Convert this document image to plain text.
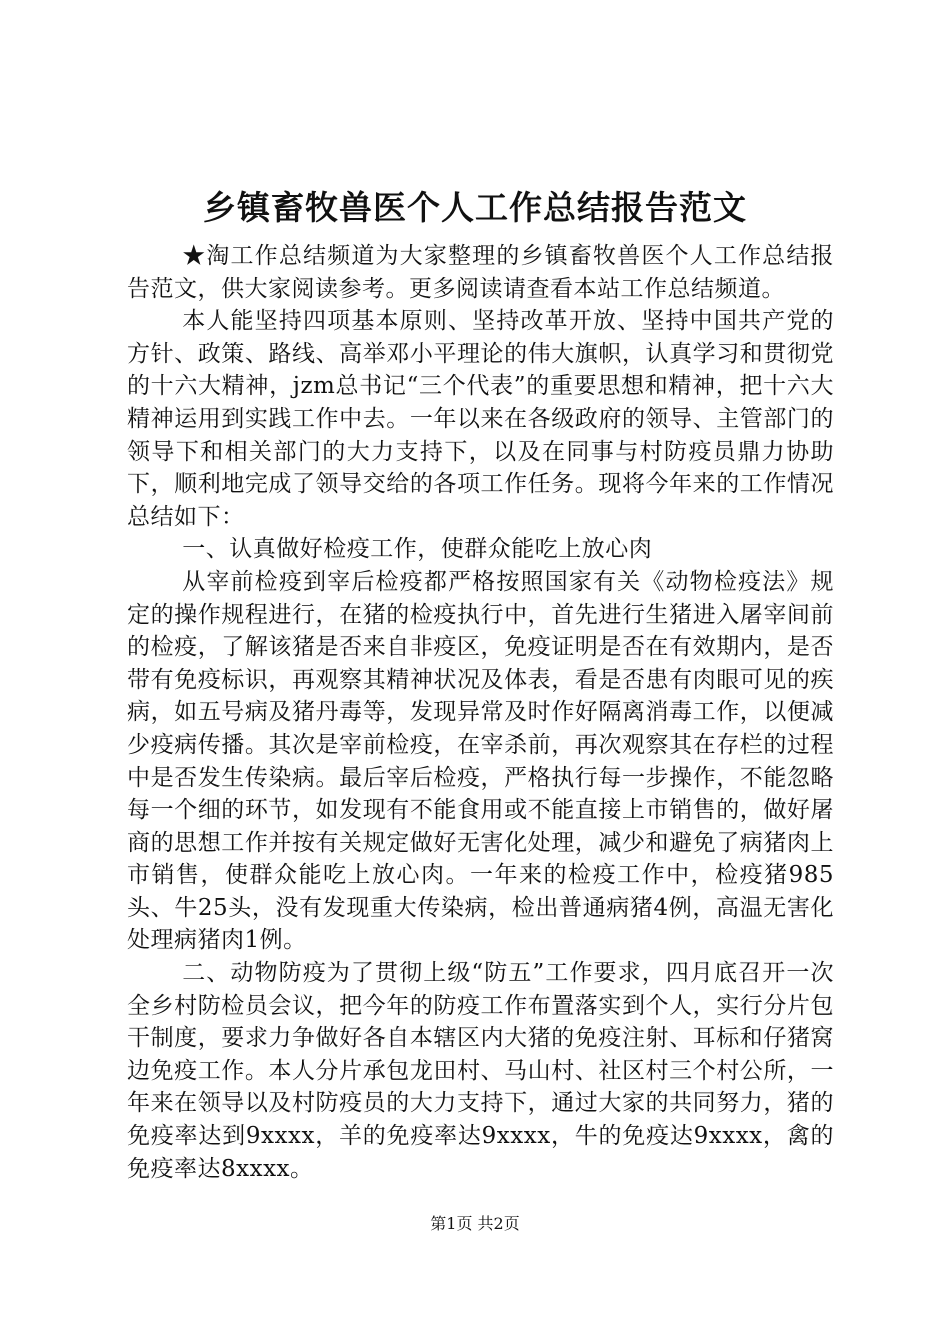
乡镇畜牧兽医个人工作总结报告范文

★淘工作总结频道为大家整理的乡镇畜牧兽医个人工作总结报告范文，供大家阅读参考。更多阅读请查看本站工作总结频道。

本人能坚持四项基本原则、坚持改革开放、坚持中国共产党的方针、政策、路线、高举邓小平理论的伟大旗帜，认真学习和贯彻党的十六大精神，jzm总书记“三个代表”的重要思想和精神，把十六大精神运用到实践工作中去。一年以来在各级政府的领导、主管部门的领导下和相关部门的大力支持下，以及在同事与村防疫员鼎力协助下，顺利地完成了领导交给的各项工作任务。现将今年来的工作情况总结如下：

一、认真做好检疫工作，使群众能吃上放心肉

从宰前检疫到宰后检疫都严格按照国家有关《动物检疫法》规定的操作规程进行，在猪的检疫执行中，首先进行生猪进入屠宰间前的检疫，了解该猪是否来自非疫区，免疫证明是否在有效期内，是否带有免疫标识，再观察其精神状况及体表，看是否患有肉眼可见的疾病，如五号病及猪丹毒等，发现异常及时作好隔离消毒工作，以便减少疫病传播。其次是宰前检疫，在宰杀前，再次观察其在存栏的过程中是否发生传染病。最后宰后检疫，严格执行每一步操作，不能忽略每一个细的环节，如发现有不能食用或不能直接上市销售的，做好屠商的思想工作并按有关规定做好无害化处理，减少和避免了病猪肉上市销售，使群众能吃上放心肉。一年来的检疫工作中，检疫猪985头、牛25头，没有发现重大传染病，检出普通病猪4例，高温无害化处理病猪肉1例。

二、动物防疫为了贯彻上级“防五”工作要求，四月底召开一次全乡村防检员会议，把今年的防疫工作布置落实到个人，实行分片包干制度，要求力争做好各自本辖区内大猪的免疫注射、耳标和仔猪窝边免疫工作。本人分片承包龙田村、马山村、社区村三个村公所，一年来在领导以及村防疫员的大力支持下，通过大家的共同努力，猪的免疫率达到9xxxx，羊的免疫率达9xxxx，牛的免疫达9xxxx，禽的免疫率达8xxxx。

第1页 共2页
